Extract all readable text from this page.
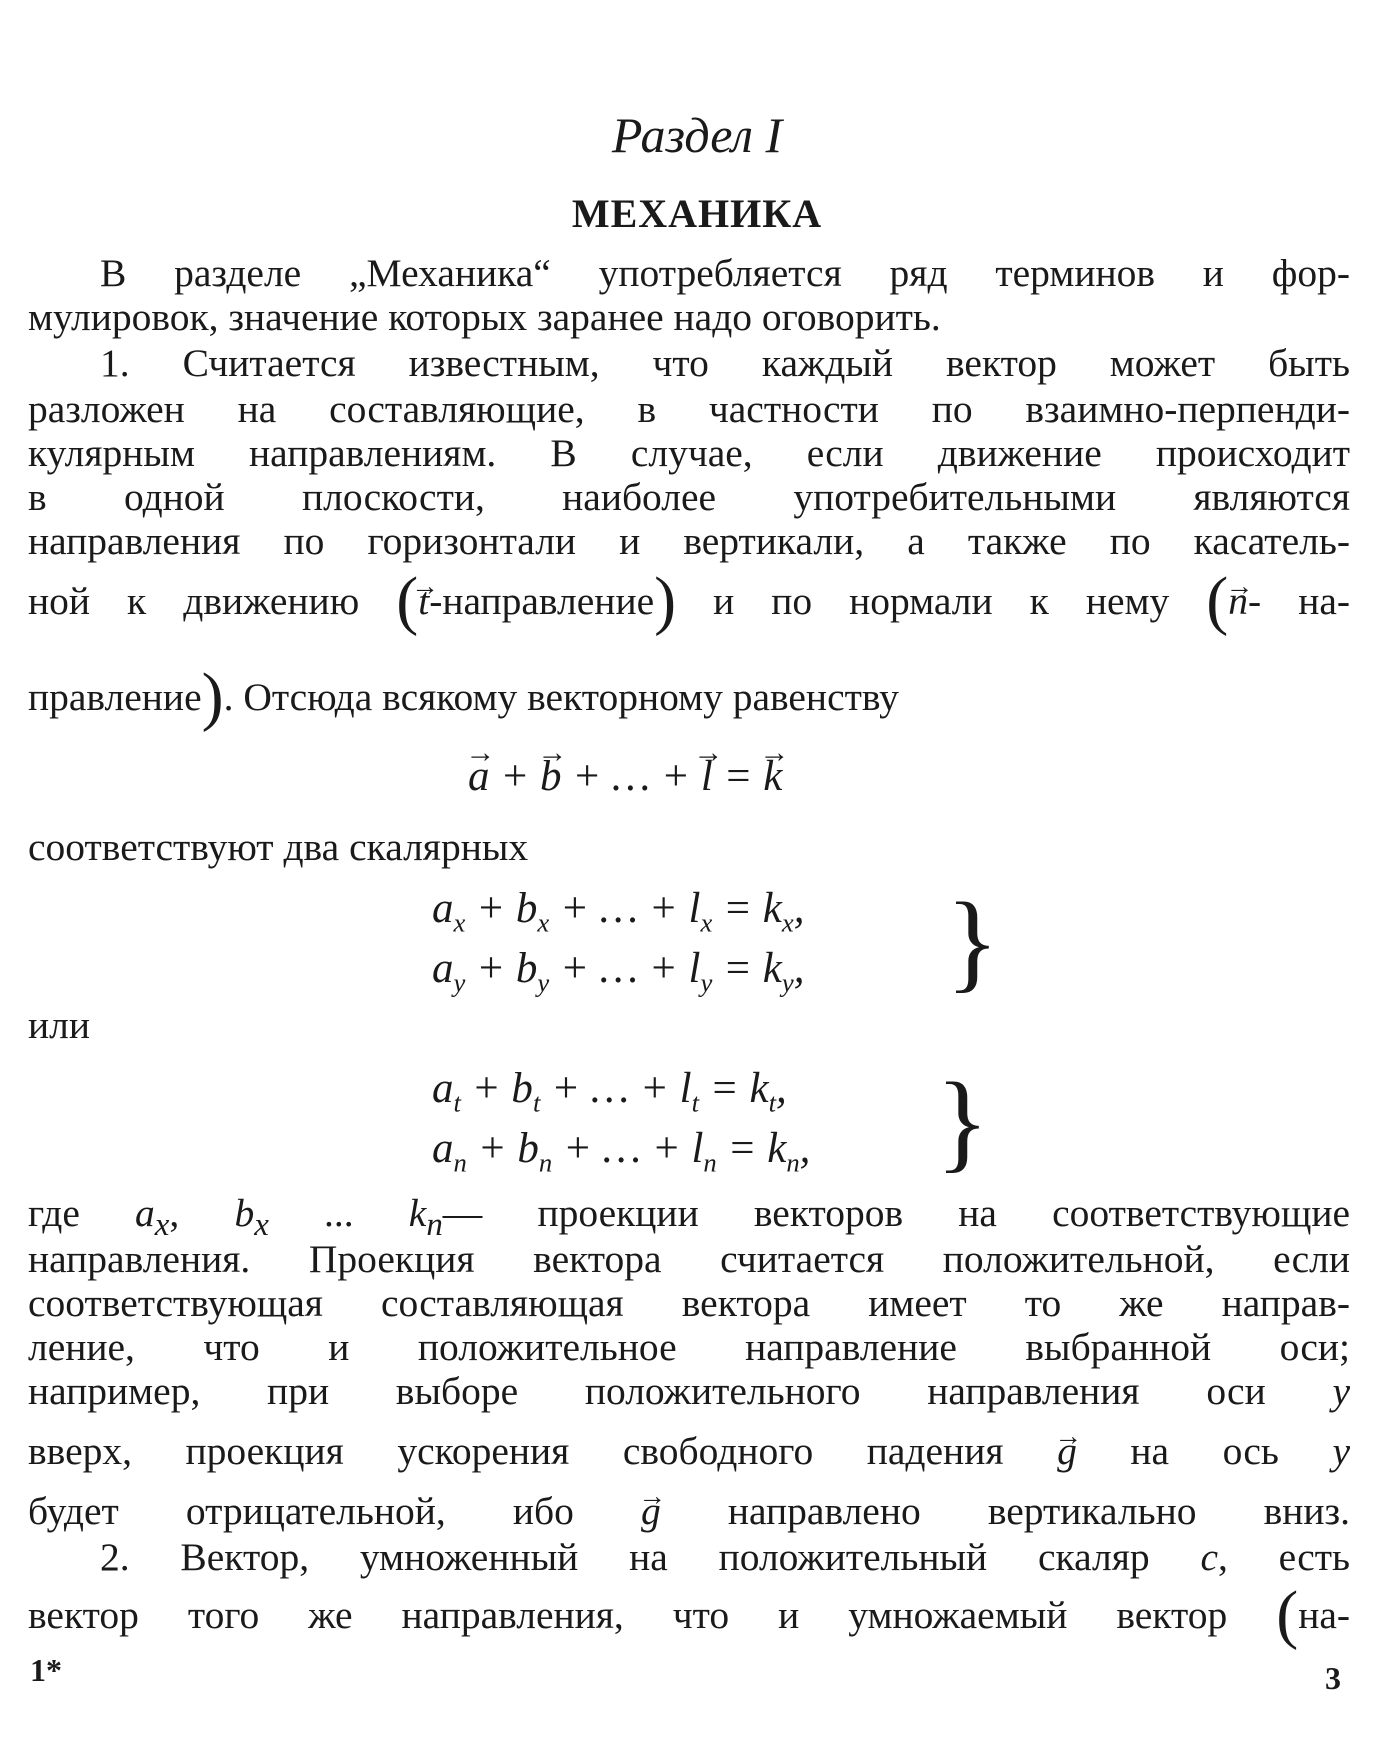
Раздел I
МЕХАНИКА
В разделе „Механика“ употребляется ряд терминов и фор-
мулировок, значение которых заранее надо оговорить.
1. Считается известным, что каждый вектор может быть
разложен на составляющие, в частности по взаимно-перпенди-
кулярным направлениям. В случае, если движение происходит
в одной плоскости, наиболее употребительными являются
направления по горизонтали и вертикали, а также по касатель-
ной к движению (→ t-направление) и по нормали к нему (→ n- на-
правление). Отсюда всякому векторному равенству
→ a + → b + … + → l = → k
соответствуют два скалярных
$a_x + b_x$ + … + $l_x = k_x$,
$a_y + b_y$ + … + $l_y = k_y$, }
или
$a_t + b_t$ + … + $l_t = k_t$,
$a_n + b_n$ + … + $l_n = k_n$, }
где $a_x$, $b_x$ ... $k_n—$ проекции векторов на соответствующие
направления. Проекция вектора считается положительной, если
соответствующая составляющая вектора имеет то же направ-
ление, что и положительное направление выбранной оси;
например, при выборе положительного направления оси y
вверх, проекция ускорения свободного падения → g на ось y
будет отрицательной, ибо → g направлено вертикально вниз.
2. Вектор, умноженный на положительный скаляр c, есть
вектор того же направления, что и умножаемый вектор (на-
1*	3
